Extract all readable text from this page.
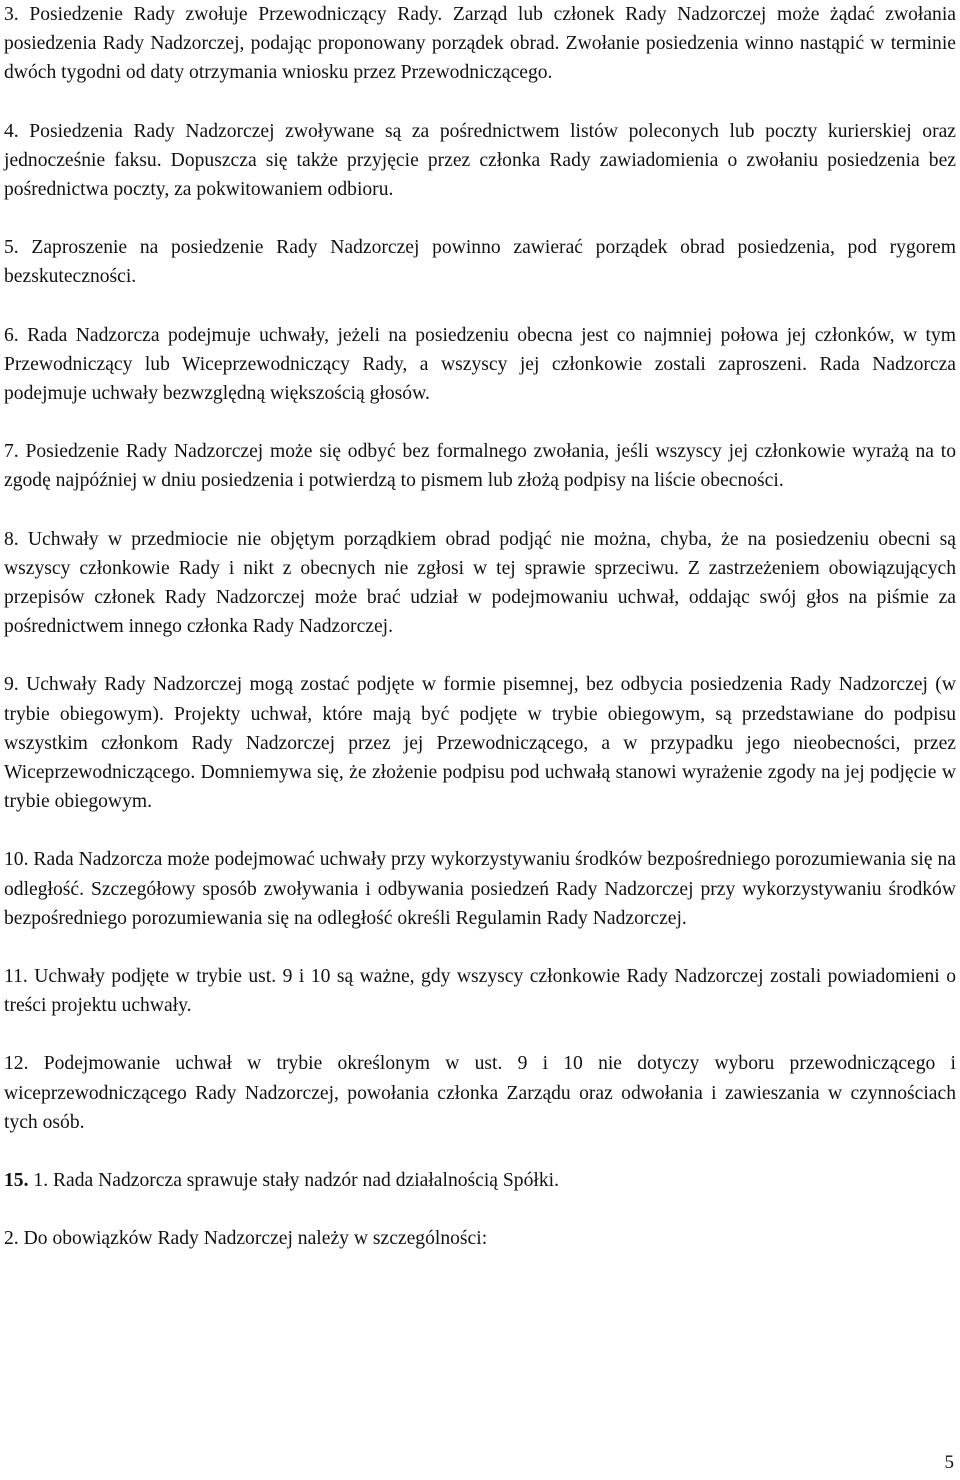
3. Posiedzenie Rady zwołuje Przewodniczący Rady. Zarząd lub członek Rady Nadzorczej może żądać zwołania posiedzenia Rady Nadzorczej, podając proponowany porządek obrad. Zwołanie posiedzenia winno nastąpić w terminie dwóch tygodni od daty otrzymania wniosku przez Przewodniczącego.

4. Posiedzenia Rady Nadzorczej zwoływane są za pośrednictwem listów poleconych lub poczty kurierskiej oraz jednocześnie faksu. Dopuszcza się także przyjęcie przez członka Rady zawiadomienia o zwołaniu posiedzenia bez pośrednictwa poczty, za pokwitowaniem odbioru.

5. Zaproszenie na posiedzenie Rady Nadzorczej powinno zawierać porządek obrad posiedzenia, pod rygorem bezskuteczności.

6. Rada Nadzorcza podejmuje uchwały, jeżeli na posiedzeniu obecna jest co najmniej połowa jej członków, w tym Przewodniczący lub Wiceprzewodniczący Rady, a wszyscy jej członkowie zostali zaproszeni. Rada Nadzorcza podejmuje uchwały bezwzględną większością głosów.

7. Posiedzenie Rady Nadzorczej może się odbyć bez formalnego zwołania, jeśli wszyscy jej członkowie wyrażą na to zgodę najpóźniej w dniu posiedzenia i potwierdzą to pismem lub złożą podpisy na liście obecności.

8. Uchwały w przedmiocie nie objętym porządkiem obrad podjąć nie można, chyba, że na posiedzeniu obecni są wszyscy członkowie Rady i nikt z obecnych nie zgłosi w tej sprawie sprzeciwu. Z zastrzeżeniem obowiązujących przepisów członek Rady Nadzorczej może brać udział w podejmowaniu uchwał, oddając swój głos na piśmie za pośrednictwem innego członka Rady Nadzorczej.

9. Uchwały Rady Nadzorczej mogą zostać podjęte w formie pisemnej, bez odbycia posiedzenia Rady Nadzorczej (w trybie obiegowym). Projekty uchwał, które mają być podjęte w trybie obiegowym, są przedstawiane do podpisu wszystkim członkom Rady Nadzorczej przez jej Przewodniczącego, a w przypadku jego nieobecności, przez Wiceprzewodniczącego. Domniemywa się, że złożenie podpisu pod uchwałą stanowi wyrażenie zgody na jej podjęcie w trybie obiegowym.

10. Rada Nadzorcza może podejmować uchwały przy wykorzystywaniu środków bezpośredniego porozumiewania się na odległość. Szczegółowy sposób zwoływania i odbywania posiedzeń Rady Nadzorczej przy wykorzystywaniu środków bezpośredniego porozumiewania się na odległość określi Regulamin Rady Nadzorczej.

11. Uchwały podjęte w trybie ust. 9 i 10 są ważne, gdy wszyscy członkowie Rady Nadzorczej zostali powiadomieni o treści projektu uchwały.

12. Podejmowanie uchwał w trybie określonym w ust. 9 i 10 nie dotyczy wyboru przewodniczącego i wiceprzewodniczącego Rady Nadzorczej, powołania członka Zarządu oraz odwołania i zawieszania w czynnościach tych osób.

15. 1. Rada Nadzorcza sprawuje stały nadzór nad działalnością Spółki.

2. Do obowiązków Rady Nadzorczej należy w szczególności:

5
